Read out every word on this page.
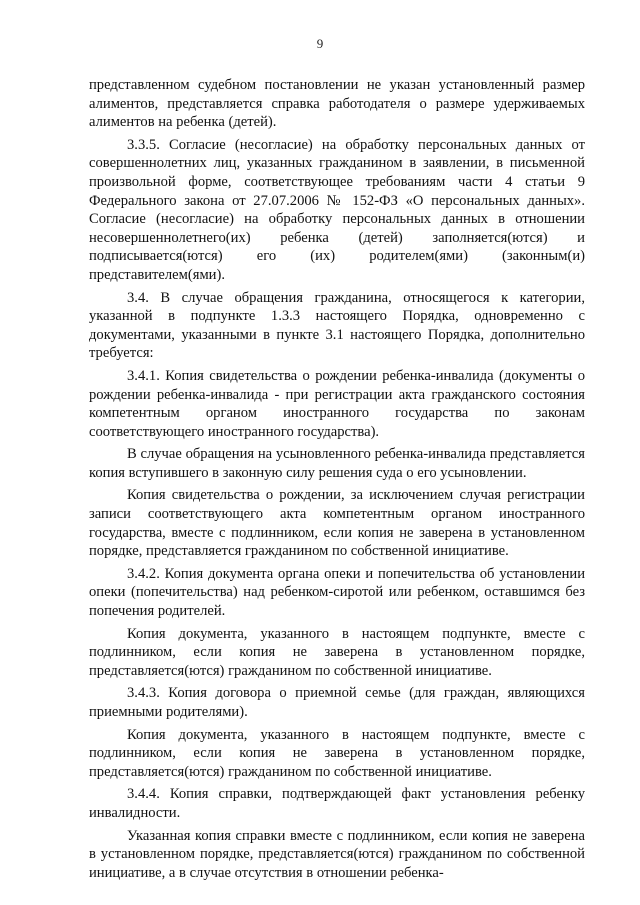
9

представленном судебном постановлении не указан установленный размер алиментов, представляется справка работодателя о размере удерживаемых алиментов на ребенка (детей).

3.3.5. Согласие (несогласие) на обработку персональных данных от совершеннолетних лиц, указанных гражданином в заявлении, в письменной произвольной форме, соответствующее требованиям части 4 статьи 9 Федерального закона от 27.07.2006 № 152-ФЗ «О персональных данных». Согласие (несогласие) на обработку персональных данных в отношении несовершеннолетнего(их) ребенка (детей) заполняется(ются) и подписывается(ются) его (их) родителем(ями) (законным(и) представителем(ями).

3.4. В случае обращения гражданина, относящегося к категории, указанной в подпункте 1.3.3 настоящего Порядка, одновременно с документами, указанными в пункте 3.1 настоящего Порядка, дополнительно требуется:

3.4.1. Копия свидетельства о рождении ребенка-инвалида (документы о рождении ребенка-инвалида - при регистрации акта гражданского состояния компетентным органом иностранного государства по законам соответствующего иностранного государства).

В случае обращения на усыновленного ребенка-инвалида представляется копия вступившего в законную силу решения суда о его усыновлении.

Копия свидетельства о рождении, за исключением случая регистрации записи соответствующего акта компетентным органом иностранного государства, вместе с подлинником, если копия не заверена в установленном порядке, представляется гражданином по собственной инициативе.

3.4.2. Копия документа органа опеки и попечительства об установлении опеки (попечительства) над ребенком-сиротой или ребенком, оставшимся без попечения родителей.

Копия документа, указанного в настоящем подпункте, вместе с подлинником, если копия не заверена в установленном порядке, представляется(ются) гражданином по собственной инициативе.

3.4.3. Копия договора о приемной семье (для граждан, являющихся приемными родителями).

Копия документа, указанного в настоящем подпункте, вместе с подлинником, если копия не заверена в установленном порядке, представляется(ются) гражданином по собственной инициативе.

3.4.4. Копия справки, подтверждающей факт установления ребенку инвалидности.

Указанная копия справки вместе с подлинником, если копия не заверена в установленном порядке, представляется(ются) гражданином по собственной инициативе, а в случае отсутствия в отношении ребенка-
